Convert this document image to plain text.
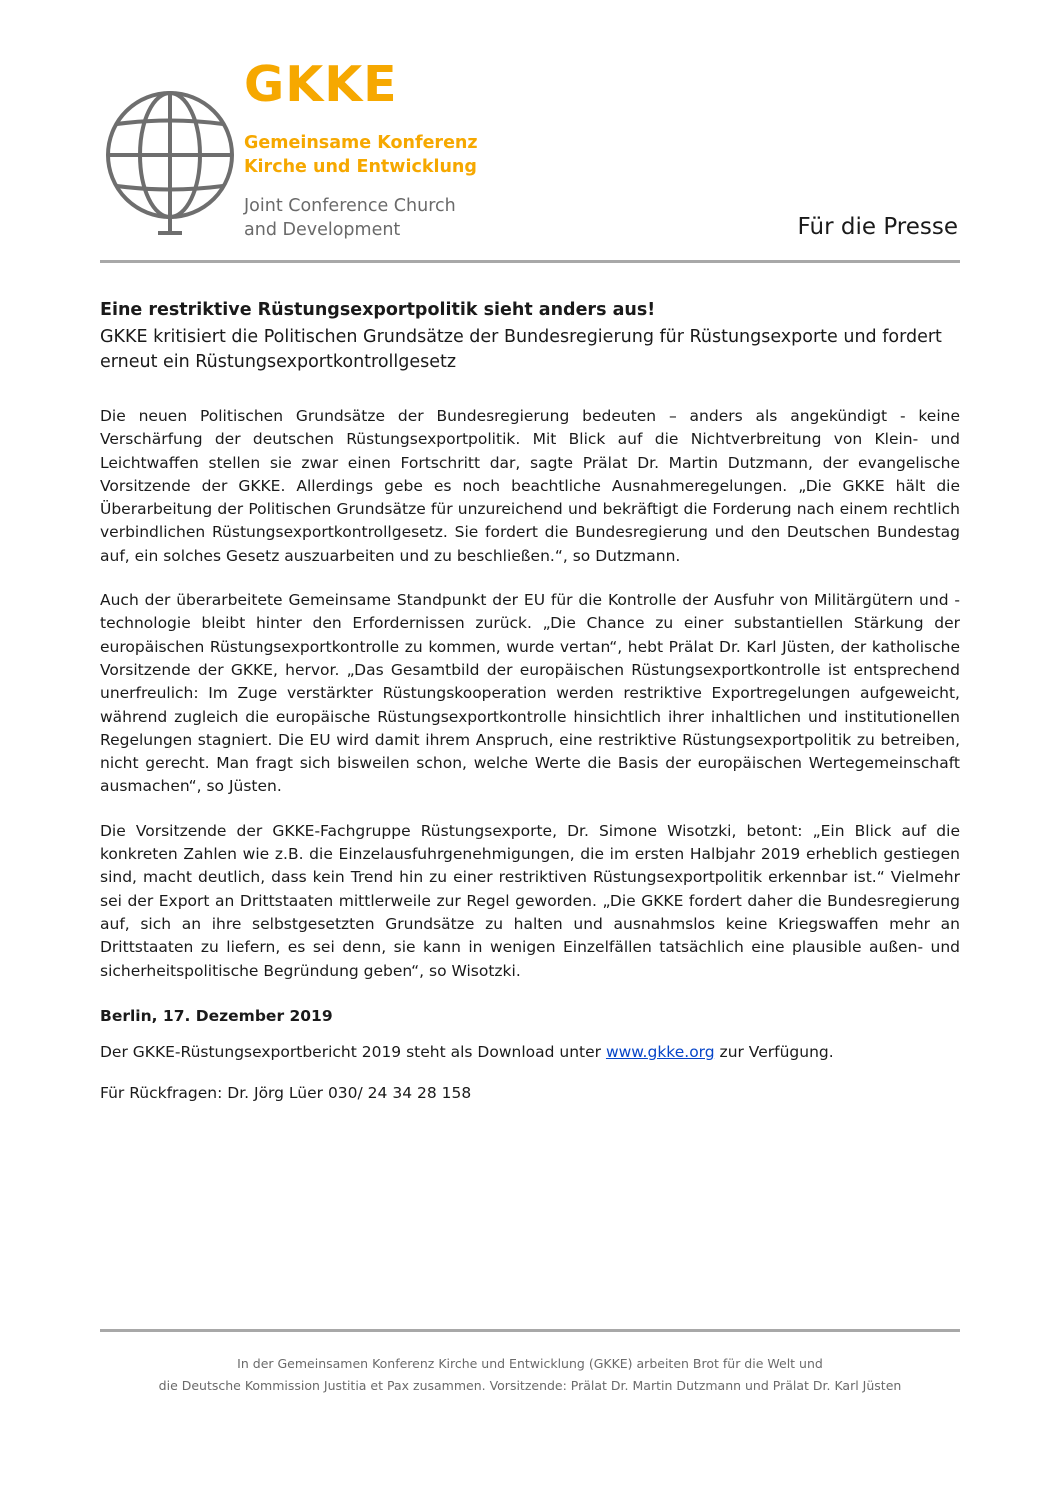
GKKE
Gemeinsame Konferenz
Kirche und Entwicklung
Joint Conference Church
and Development	Für die Presse
Eine restriktive Rüstungsexportpolitik sieht anders aus!

GKKE kritisiert die Politischen Grundsätze der Bundesregierung für Rüstungsexporte und fordert erneut ein Rüstungsexportkontrollgesetz

Die neuen Politischen Grundsätze der Bundesregierung bedeuten – anders als angekündigt - keine Verschärfung der deutschen Rüstungsexportpolitik. Mit Blick auf die Nichtverbreitung von Klein- und Leichtwaffen stellen sie zwar einen Fortschritt dar, sagte Prälat Dr. Martin Dutzmann, der evangelische Vorsitzende der GKKE. Allerdings gebe es noch beachtliche Ausnahmeregelungen. „Die GKKE hält die Überarbeitung der Politischen Grundsätze für unzureichend und bekräftigt die Forderung nach einem rechtlich verbindlichen Rüstungsexportkontrollgesetz. Sie fordert die Bundesregierung und den Deutschen Bundestag auf, ein solches Gesetz auszuarbeiten und zu beschließen.“, so Dutzmann.

Auch der überarbeitete Gemeinsame Standpunkt der EU für die Kontrolle der Ausfuhr von Militärgütern und -technologie bleibt hinter den Erfordernissen zurück. „Die Chance zu einer substantiellen Stärkung der europäischen Rüstungsexportkontrolle zu kommen, wurde vertan“, hebt Prälat Dr. Karl Jüsten, der katholische Vorsitzende der GKKE, hervor. „Das Gesamtbild der europäischen Rüstungsexportkontrolle ist entsprechend unerfreulich: Im Zuge verstärkter Rüstungskooperation werden restriktive Exportregelungen aufgeweicht, während zugleich die europäische Rüstungsexportkontrolle hinsichtlich ihrer inhaltlichen und institutionellen Regelungen stagniert. Die EU wird damit ihrem Anspruch, eine restriktive Rüstungsexportpolitik zu betreiben, nicht gerecht. Man fragt sich bisweilen schon, welche Werte die Basis der europäischen Wertegemeinschaft ausmachen“, so Jüsten.

Die Vorsitzende der GKKE-Fachgruppe Rüstungsexporte, Dr. Simone Wisotzki, betont: „Ein Blick auf die konkreten Zahlen wie z.B. die Einzelausfuhrgenehmigungen, die im ersten Halbjahr 2019 erheblich gestiegen sind, macht deutlich, dass kein Trend hin zu einer restriktiven Rüstungsexportpolitik erkennbar ist.“ Vielmehr sei der Export an Drittstaaten mittlerweile zur Regel geworden. „Die GKKE fordert daher die Bundesregierung auf, sich an ihre selbstgesetzten Grundsätze zu halten und ausnahmslos keine Kriegswaffen mehr an Drittstaaten zu liefern, es sei denn, sie kann in wenigen Einzelfällen tatsächlich eine plausible außen- und sicherheitspolitische Begründung geben“, so Wisotzki.

Berlin, 17. Dezember 2019

Der GKKE-Rüstungsexportbericht 2019 steht als Download unter www.gkke.org zur Verfügung.

Für Rückfragen: Dr. Jörg Lüer 030/ 24 34 28 158

In der Gemeinsamen Konferenz Kirche und Entwicklung (GKKE) arbeiten Brot für die Welt und
die Deutsche Kommission Justitia et Pax zusammen. Vorsitzende: Prälat Dr. Martin Dutzmann und Prälat Dr. Karl Jüsten
